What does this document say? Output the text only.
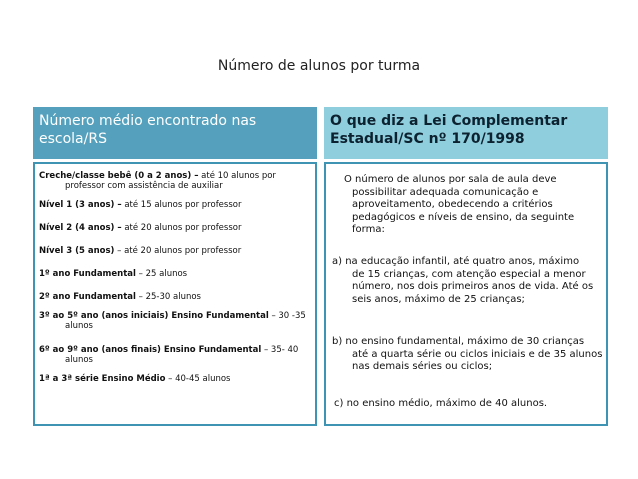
Número de alunos por turma
Número médio encontrado nas escola/RS
O que diz a Lei Complementar Estadual/SC nº 170/1998
Creche/classe bebê (0 a 2 anos) – até 10 alunos por
professor com assistência de auxiliar
Nível 1 (3 anos) – até 15 alunos por professor
Nível 2 (4 anos) – até 20 alunos por professor
Nível 3 (5 anos) – até 20 alunos por professor
1º ano Fundamental – 25 alunos
2º ano Fundamental – 25-30 alunos
3º ao 5º ano (anos iniciais) Ensino Fundamental – 30 -35
alunos
6º ao 9º ano (anos finais) Ensino Fundamental – 35- 40
alunos
1ª a 3ª série Ensino Médio – 40-45 alunos
O número de alunos por sala de aula deve
possibilitar adequada comunicação e aproveitamento, obedecendo a critérios pedagógicos e níveis de ensino, da seguinte forma:
a) na educação infantil, até quatro anos, máximo
de 15 crianças, com atenção especial a menor número, nos dois primeiros anos de vida. Até os seis anos, máximo de 25 crianças;
b) no ensino fundamental, máximo de 30 crianças
até a quarta série ou ciclos iniciais e de 35 alunos nas demais séries ou ciclos;
c) no ensino médio, máximo de 40 alunos.
